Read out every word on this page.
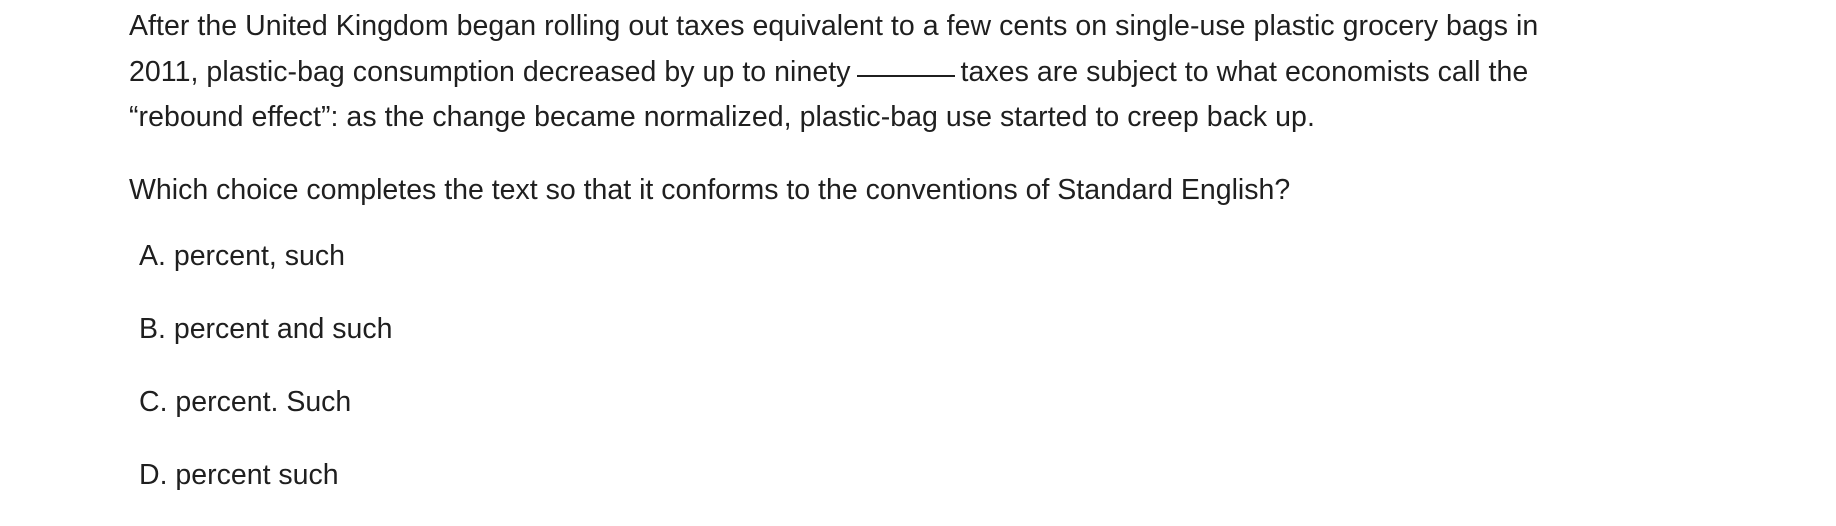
After the United Kingdom began rolling out taxes equivalent to a few cents on single-use plastic grocery bags in
2011, plastic-bag consumption decreased by up to ninety	taxes are subject to what economists call the
“rebound effect”: as the change became normalized, plastic-bag use started to creep back up.

Which choice completes the text so that it conforms to the conventions of Standard English?

A. percent, such
B. percent and such
C. percent. Such
D. percent such
